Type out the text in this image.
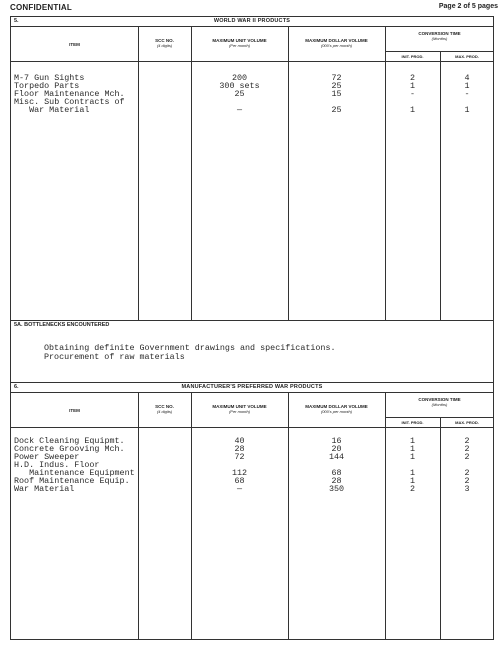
CONFIDENTIAL	Page 2 of 5 pages
5.	WORLD WAR II PRODUCTS
ITEM
SCC NO.
(4 digits)
MAXIMUM UNIT VOLUME
(Per month)
MAXIMUM DOLLAR VOLUME
(000's per month)
CONVERSION TIME
(Months)
INIT. PROD.	MAX. PROD.
M-7 Gun Sights	200	72	2	4
Torpedo Parts	300 sets	25	1	1
Floor Maintenance Mch.	25	15	-	-
Misc. Sub Contracts of
War Material	—	25	1	1
5A. BOTTLENECKS ENCOUNTERED
Obtaining definite Government drawings and specifications.
Procurement of raw materials
6.	MANUFACTURER'S PREFERRED WAR PRODUCTS
ITEM
SCC NO.
(4 digits)
MAXIMUM UNIT VOLUME
(Per month)
MAXIMUM DOLLAR VOLUME
(000's per month)
CONVERSION TIME
(Months)
INIT. PROD.	MAX. PROD.
Dock Cleaning Equipmt.	40	16	1	2
Concrete Grooving Mch.	28	20	1	2
Power Sweeper	72	144	1	2
H.D. Indus. Floor
Maintenance Equipment	112	68	1	2
Roof Maintenance Equip.	68	28	1	2
War Material	—	350	2	3
